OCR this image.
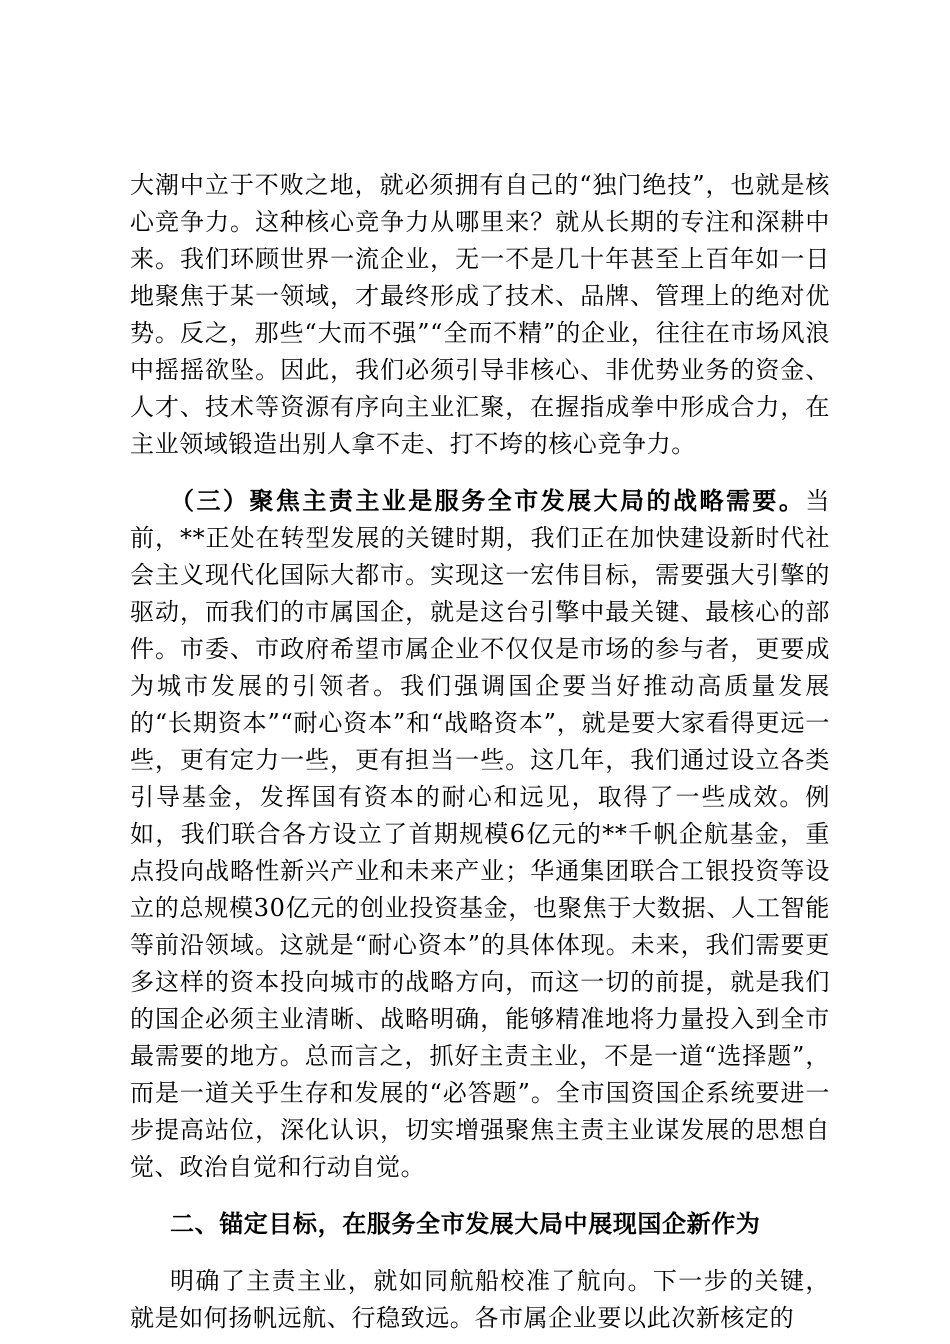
大潮中立于不败之地，就必须拥有自己的“独门绝技”，也就是核心竞争力。这种核心竞争力从哪里来？就从长期的专注和深耕中来。我们环顾世界一流企业，无一不是几十年甚至上百年如一日地聚焦于某一领域，才最终形成了技术、品牌、管理上的绝对优势。反之，那些“大而不强”“全而不精”的企业，往往在市场风浪中摇摇欲坠。因此，我们必须引导非核心、非优势业务的资金、人才、技术等资源有序向主业汇聚，在握指成拳中形成合力，在主业领域锻造出别人拿不走、打不垮的核心竞争力。

（三）聚焦主责主业是服务全市发展大局的战略需要。当前，**正处在转型发展的关键时期，我们正在加快建设新时代社会主义现代化国际大都市。实现这一宏伟目标，需要强大引擎的驱动，而我们的市属国企，就是这台引擎中最关键、最核心的部件。市委、市政府希望市属企业不仅仅是市场的参与者，更要成为城市发展的引领者。我们强调国企要当好推动高质量发展的“长期资本”“耐心资本”和“战略资本”，就是要大家看得更远一些，更有定力一些，更有担当一些。这几年，我们通过设立各类引导基金，发挥国有资本的耐心和远见，取得了一些成效。例如，我们联合各方设立了首期规模6亿元的**千帆企航基金，重点投向战略性新兴产业和未来产业；华通集团联合工银投资等设立的总规模30亿元的创业投资基金，也聚焦于大数据、人工智能等前沿领域。这就是“耐心资本”的具体体现。未来，我们需要更多这样的资本投向城市的战略方向，而这一切的前提，就是我们的国企必须主业清晰、战略明确，能够精准地将力量投入到全市最需要的地方。总而言之，抓好主责主业，不是一道“选择题”，而是一道关乎生存和发展的“必答题”。全市国资国企系统要进一步提高站位，深化认识，切实增强聚焦主责主业谋发展的思想自觉、政治自觉和行动自觉。

二、锚定目标，在服务全市发展大局中展现国企新作为

明确了主责主业，就如同航船校准了航向。下一步的关键，就是如何扬帆远航、行稳致远。各市属企业要以此次新核定的
